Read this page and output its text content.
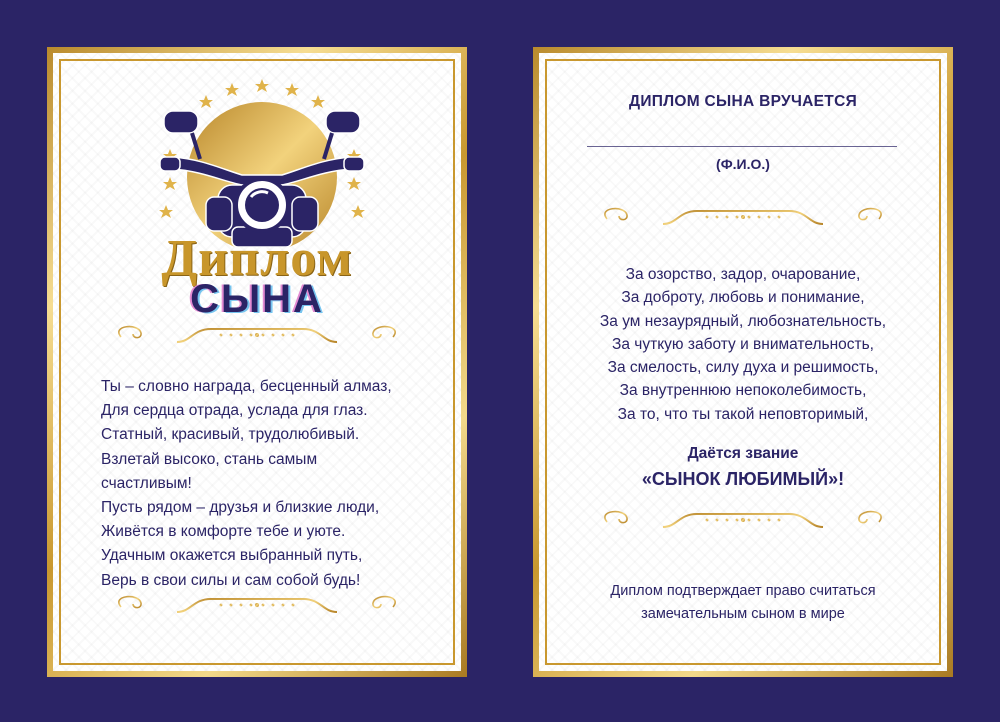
Диплом
СЫНА
Ты – словно награда, бесценный алмаз,
Для сердца отрада, услада для глаз.
Статный, красивый, трудолюбивый.
Взлетай высоко, стань самым
счастливым!
Пусть рядом – друзья и близкие люди,
Живётся в комфорте тебе и уюте.
Удачным окажется выбранный путь,
Верь в свои силы и сам собой будь!
ДИПЛОМ СЫНА ВРУЧАЕТСЯ
(Ф.И.О.)
За озорство, задор, очарование,
За доброту, любовь и понимание,
За ум незаурядный, любознательность,
За чуткую заботу и внимательность,
За смелость, силу духа и решимость,
За внутреннюю непоколебимость,
За то, что ты такой неповторимый,
Даётся звание
«СЫНОК ЛЮБИМЫЙ»!
Диплом подтверждает право считаться
замечательным сыном в мире
